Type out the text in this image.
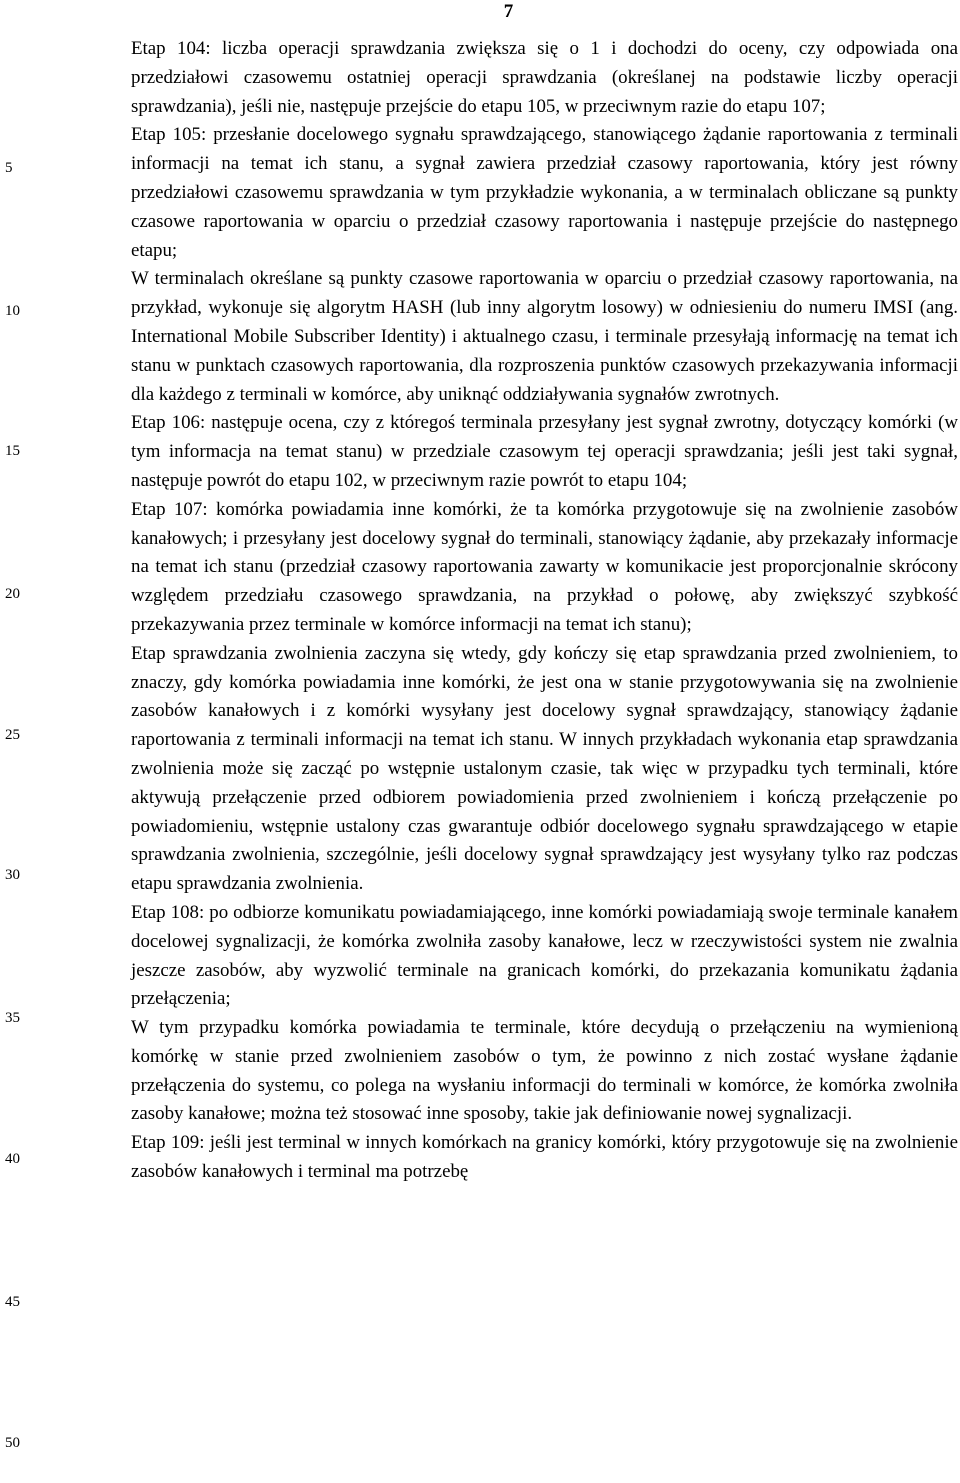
7
5
10
15
20
25
30
35
40
45
50

Etap 104: liczba operacji sprawdzania zwiększa się o 1 i dochodzi do oceny, czy odpowiada ona przedziałowi czasowemu ostatniej operacji sprawdzania (określanej na podstawie liczby operacji sprawdzania), jeśli nie, następuje przejście do etapu 105, w przeciwnym razie do etapu 107;

Etap 105: przesłanie docelowego sygnału sprawdzającego, stanowiącego żądanie raportowania z terminali informacji na temat ich stanu, a sygnał zawiera przedział czasowy raportowania, który jest równy przedziałowi czasowemu sprawdzania w tym przykładzie wykonania, a w terminalach obliczane są punkty czasowe raportowania w oparciu o przedział czasowy raportowania i następuje przejście do następnego etapu;

W terminalach określane są punkty czasowe raportowania w oparciu o przedział czasowy raportowania, na przykład, wykonuje się algorytm HASH (lub inny algorytm losowy) w odniesieniu do numeru IMSI (ang. International Mobile Subscriber Identity) i aktualnego czasu, i terminale przesyłają informację na temat ich stanu w punktach czasowych raportowania, dla rozproszenia punktów czasowych przekazywania informacji dla każdego z terminali w komórce, aby uniknąć oddziaływania sygnałów zwrotnych.

Etap 106: następuje ocena, czy z któregoś terminala przesyłany jest sygnał zwrotny, dotyczący komórki (w tym informacja na temat stanu) w przedziale czasowym tej operacji sprawdzania; jeśli jest taki sygnał, następuje powrót do etapu 102, w przeciwnym razie powrót to etapu 104;

Etap 107: komórka powiadamia inne komórki, że ta komórka przygotowuje się na zwolnienie zasobów kanałowych; i przesyłany jest docelowy sygnał do terminali, stanowiący żądanie, aby przekazały informacje na temat ich stanu (przedział czasowy raportowania zawarty w komunikacie jest proporcjonalnie skrócony względem przedziału czasowego sprawdzania, na przykład o połowę, aby zwiększyć szybkość przekazywania przez terminale w komórce informacji na temat ich stanu);

Etap sprawdzania zwolnienia zaczyna się wtedy, gdy kończy się etap sprawdzania przed zwolnieniem, to znaczy, gdy komórka powiadamia inne komórki, że jest ona w stanie przygotowywania się na zwolnienie zasobów kanałowych i z komórki wysyłany jest docelowy sygnał sprawdzający, stanowiący żądanie raportowania z terminali informacji na temat ich stanu. W innych przykładach wykonania etap sprawdzania zwolnienia może się zacząć po wstępnie ustalonym czasie, tak więc w przypadku tych terminali, które aktywują przełączenie przed odbiorem powiadomienia przed zwolnieniem i kończą przełączenie po powiadomieniu, wstępnie ustalony czas gwarantuje odbiór docelowego sygnału sprawdzającego w etapie sprawdzania zwolnienia, szczególnie, jeśli docelowy sygnał sprawdzający jest wysyłany tylko raz podczas etapu sprawdzania zwolnienia.

Etap 108: po odbiorze komunikatu powiadamiającego, inne komórki powiadamiają swoje terminale kanałem docelowej sygnalizacji, że komórka zwolniła zasoby kanałowe, lecz w rzeczywistości system nie zwalnia jeszcze zasobów, aby wyzwolić terminale na granicach komórki, do przekazania komunikatu żądania przełączenia;

W tym przypadku komórka powiadamia te terminale, które decydują o przełączeniu na wymienioną komórkę w stanie przed zwolnieniem zasobów o tym, że powinno z nich zostać wysłane żądanie przełączenia do systemu, co polega na wysłaniu informacji do terminali w komórce, że komórka zwolniła zasoby kanałowe; można też stosować inne sposoby, takie jak definiowanie nowej sygnalizacji.

Etap 109: jeśli jest terminal w innych komórkach na granicy komórki, który przygotowuje się na zwolnienie zasobów kanałowych i terminal ma potrzebę
